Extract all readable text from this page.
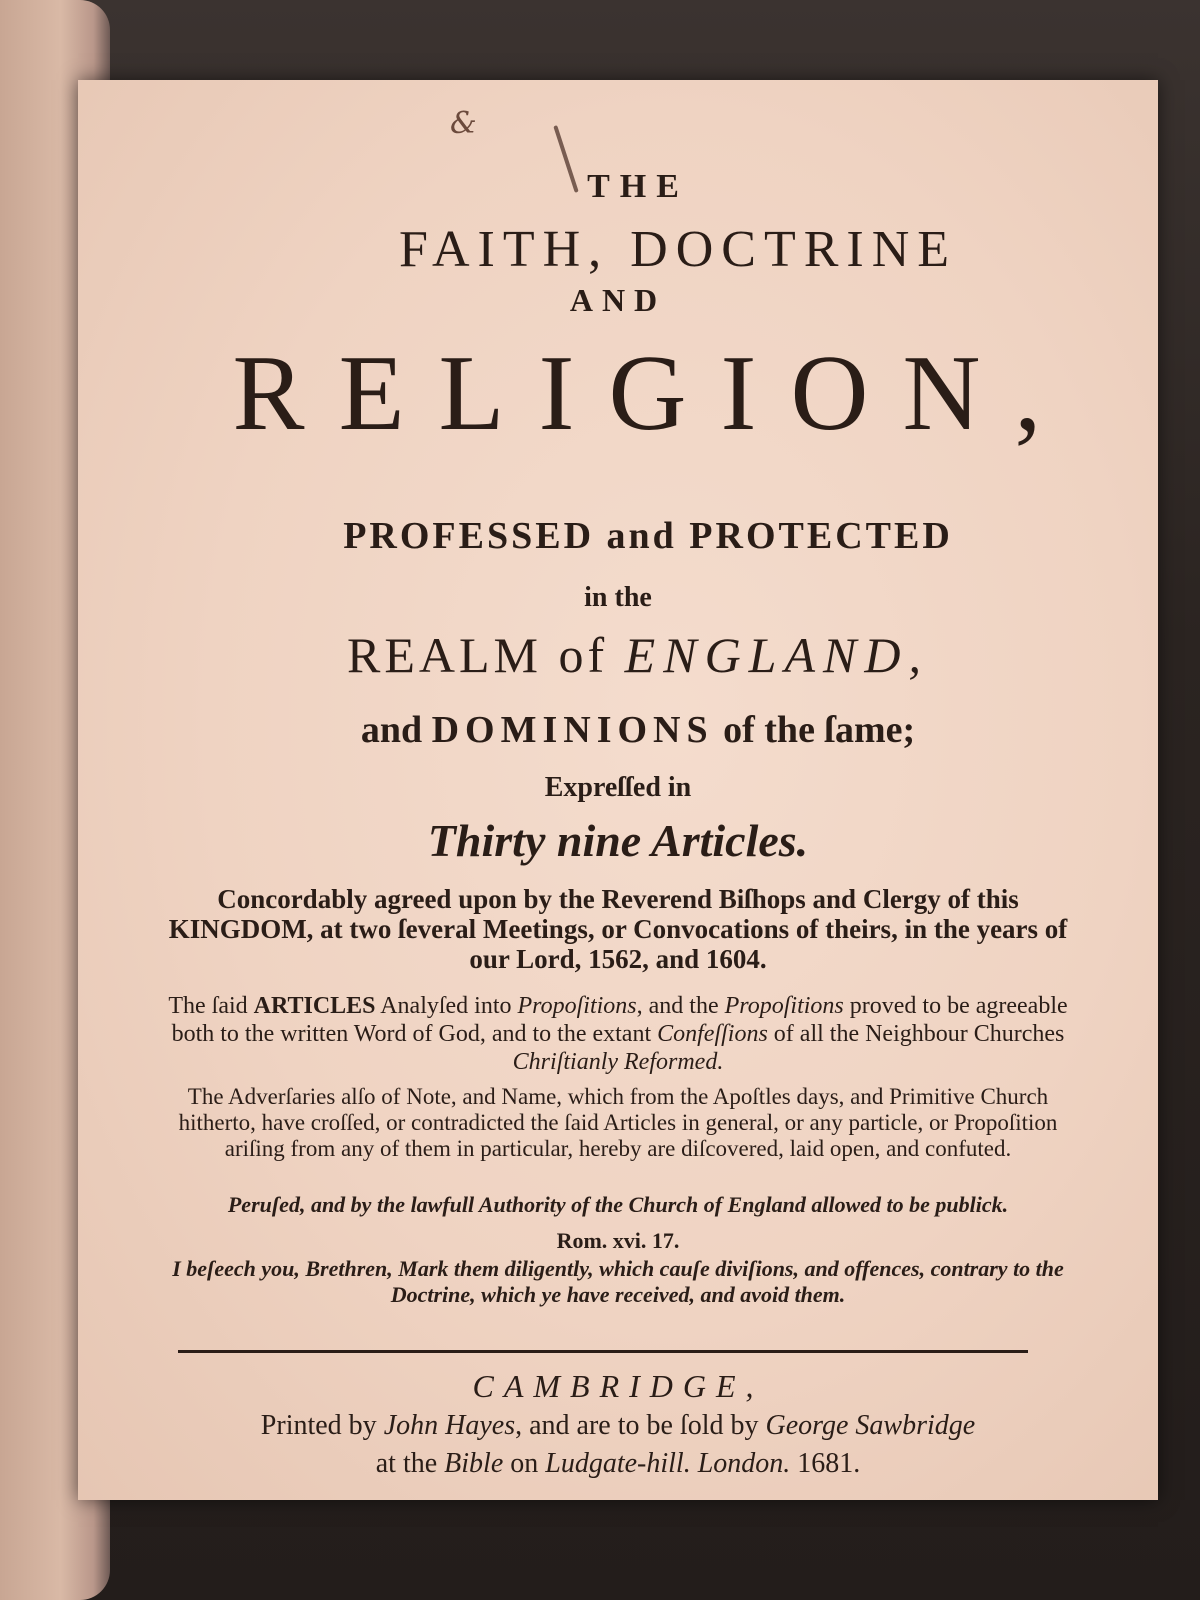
&
THE
FAITH, DOCTRINE
AND
RELIGION,
PROFESSED and PROTECTED
in the
REALM of ENGLAND,
and DOMINIONS of the ſame;
Expreſſed in
Thirty nine Articles.
Concordably agreed upon by the Reverend Biſhops and Clergy of this KINGDOM, at two ſeveral Meetings, or Convocations of theirs, in the years of our Lord, 1562, and 1604.
The ſaid ARTICLES Analyſed into Propoſitions, and the Propoſitions proved to be agreeable both to the written Word of God, and to the extant Confeſſions of all the Neighbour Churches Chriſtianly Reformed.
The Adverſaries alſo of Note, and Name, which from the Apoſtles days, and Primitive Church hitherto, have croſſed, or contradicted the ſaid Articles in general, or any particle, or Propoſition ariſing from any of them in particular, hereby are diſcovered, laid open, and confuted.
Peruſed, and by the lawfull Authority of the Church of England allowed to be publick.
Rom. xvi. 17.
I beſeech you, Brethren, Mark them diligently, which cauſe diviſions, and offences, contrary to the Doctrine, which ye have received, and avoid them.
CAMBRIDGE,
Printed by John Hayes, and are to be ſold by George Sawbridge
at the Bible on Ludgate-hill. London. 1681.
